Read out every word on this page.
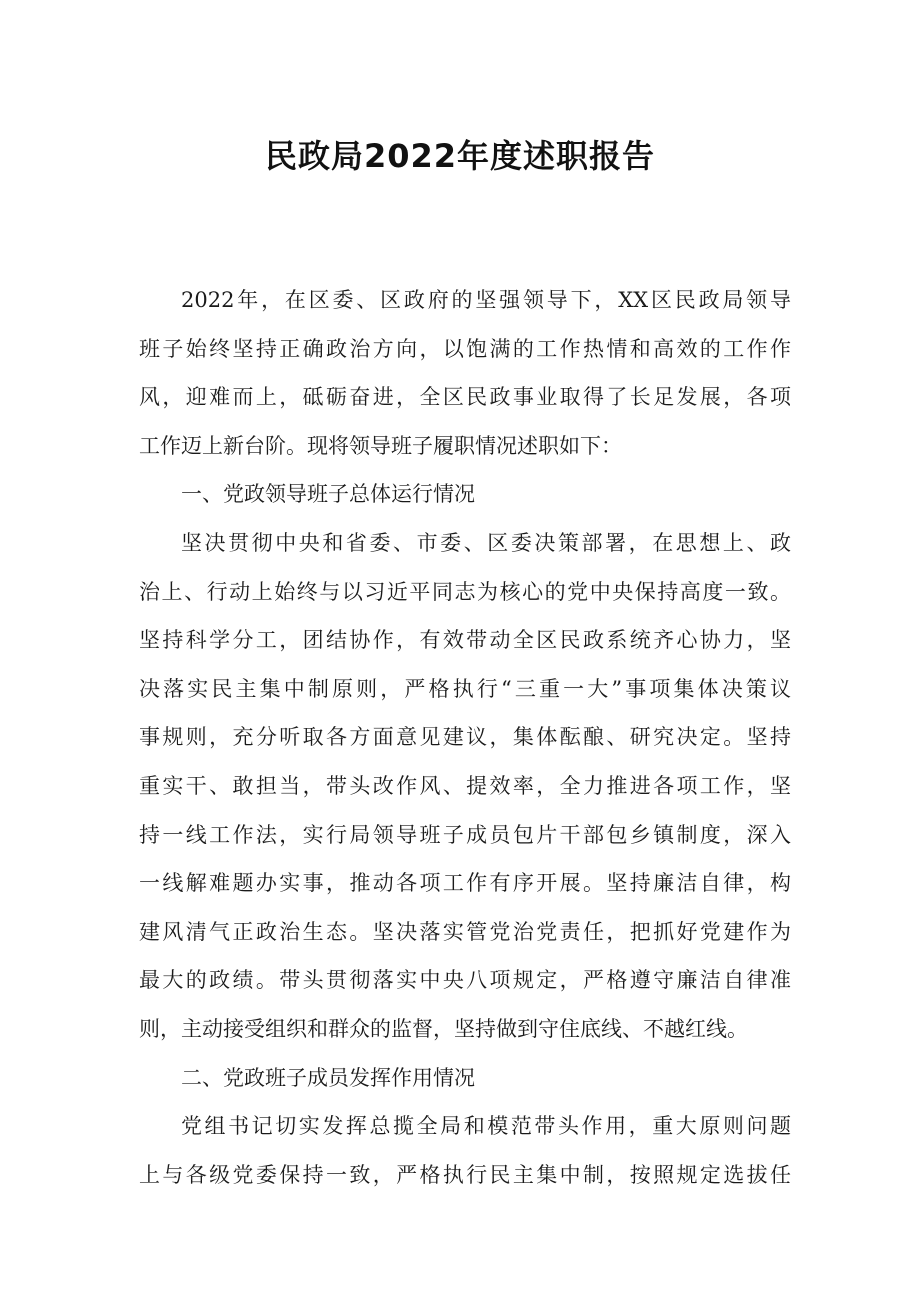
民政局2022年度述职报告
2022年，在区委、区政府的坚强领导下，XX区民政局领导
班子始终坚持正确政治方向，以饱满的工作热情和高效的工作作
风，迎难而上，砥砺奋进，全区民政事业取得了长足发展，各项
工作迈上新台阶。现将领导班子履职情况述职如下：
一、党政领导班子总体运行情况
坚决贯彻中央和省委、市委、区委决策部署，在思想上、政
治上、行动上始终与以习近平同志为核心的党中央保持高度一致。
坚持科学分工，团结协作，有效带动全区民政系统齐心协力，坚
决落实民主集中制原则，严格执行“三重一大”事项集体决策议
事规则，充分听取各方面意见建议，集体酝酿、研究决定。坚持
重实干、敢担当，带头改作风、提效率，全力推进各项工作，坚
持一线工作法，实行局领导班子成员包片干部包乡镇制度，深入
一线解难题办实事，推动各项工作有序开展。坚持廉洁自律，构
建风清气正政治生态。坚决落实管党治党责任，把抓好党建作为
最大的政绩。带头贯彻落实中央八项规定，严格遵守廉洁自律准
则，主动接受组织和群众的监督，坚持做到守住底线、不越红线。
二、党政班子成员发挥作用情况
党组书记切实发挥总揽全局和模范带头作用，重大原则问题
上与各级党委保持一致，严格执行民主集中制，按照规定选拔任
